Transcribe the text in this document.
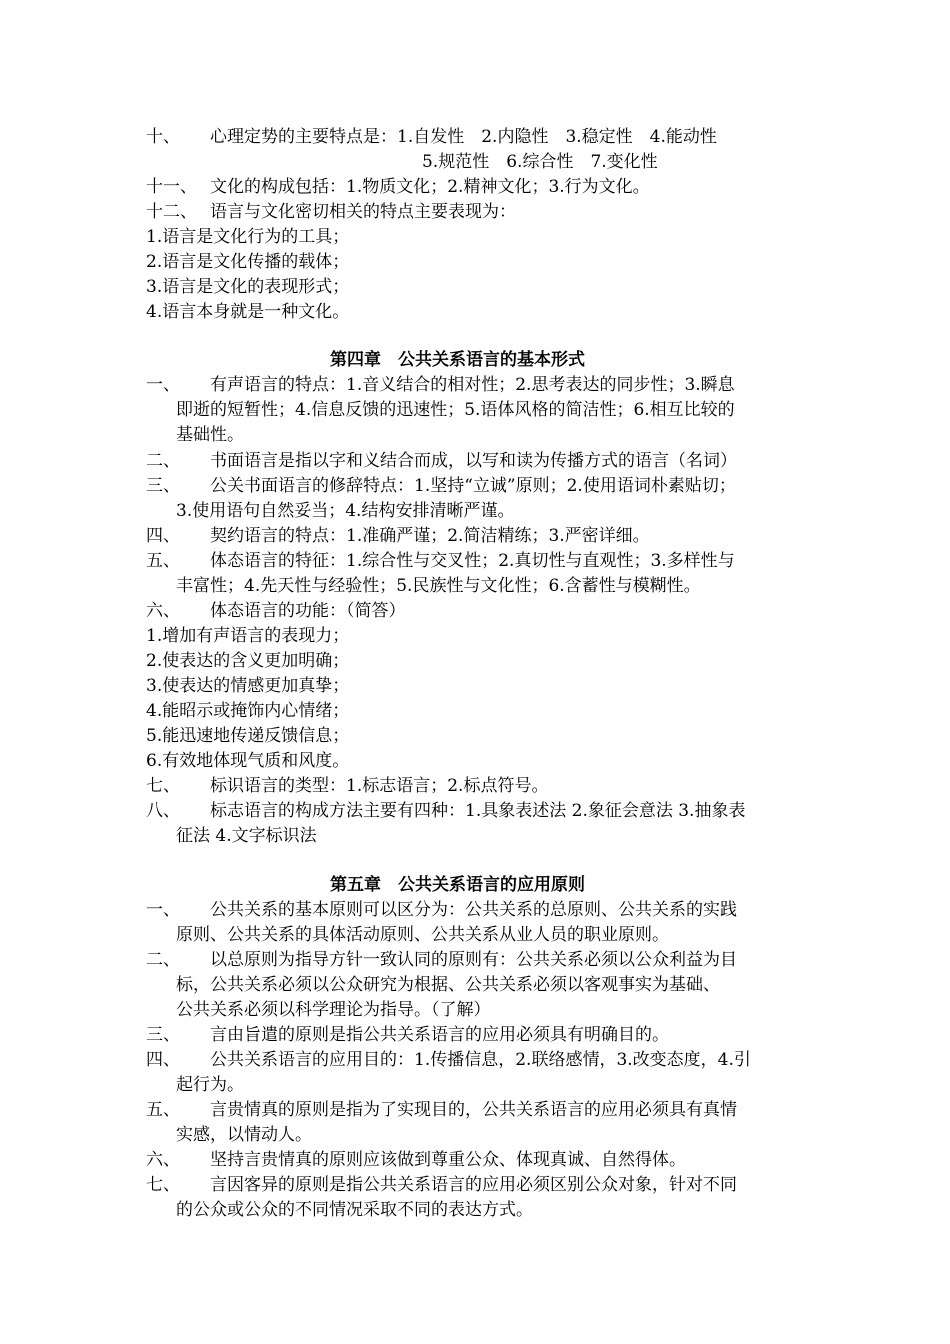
十、 心理定势的主要特点是：1.自发性　2.内隐性　3.稳定性　4.能动性
5.规范性　6.综合性　7.变化性
十一、 文化的构成包括：1.物质文化；2.精神文化；3.行为文化。
十二、 语言与文化密切相关的特点主要表现为：
1.语言是文化行为的工具；
2.语言是文化传播的载体；
3.语言是文化的表现形式；
4.语言本身就是一种文化。
第四章　公共关系语言的基本形式
一、 有声语言的特点：1.音义结合的相对性；2.思考表达的同步性；3.瞬息
即逝的短暂性；4.信息反馈的迅速性；5.语体风格的简洁性；6.相互比较的
基础性。
二、 书面语言是指以字和义结合而成，以写和读为传播方式的语言（名词）
三、 公关书面语言的修辞特点：1.坚持“立诚”原则；2.使用语词朴素贴切；
3.使用语句自然妥当；4.结构安排清晰严谨。
四、 契约语言的特点：1.准确严谨；2.简洁精练；3.严密详细。
五、 体态语言的特征：1.综合性与交叉性；2.真切性与直观性；3.多样性与
丰富性；4.先天性与经验性；5.民族性与文化性；6.含蓄性与模糊性。
六、 体态语言的功能：（简答）
1.增加有声语言的表现力；
2.使表达的含义更加明确；
3.使表达的情感更加真挚；
4.能昭示或掩饰内心情绪；
5.能迅速地传递反馈信息；
6.有效地体现气质和风度。
七、 标识语言的类型：1.标志语言；2.标点符号。
八、 标志语言的构成方法主要有四种：1.具象表述法 2.象征会意法 3.抽象表
征法 4.文字标识法
第五章　公共关系语言的应用原则
一、 公共关系的基本原则可以区分为：公共关系的总原则、公共关系的实践
原则、公共关系的具体活动原则、公共关系从业人员的职业原则。
二、 以总原则为指导方针一致认同的原则有：公共关系必须以公众利益为目
标，公共关系必须以公众研究为根据、公共关系必须以客观事实为基础、
公共关系必须以科学理论为指导。（了解）
三、 言由旨遣的原则是指公共关系语言的应用必须具有明确目的。
四、 公共关系语言的应用目的：1.传播信息，2.联络感情，3.改变态度，4.引
起行为。
五、 言贵情真的原则是指为了实现目的，公共关系语言的应用必须具有真情
实感，以情动人。
六、 坚持言贵情真的原则应该做到尊重公众、体现真诚、自然得体。
七、 言因客异的原则是指公共关系语言的应用必须区别公众对象，针对不同
的公众或公众的不同情况采取不同的表达方式。
